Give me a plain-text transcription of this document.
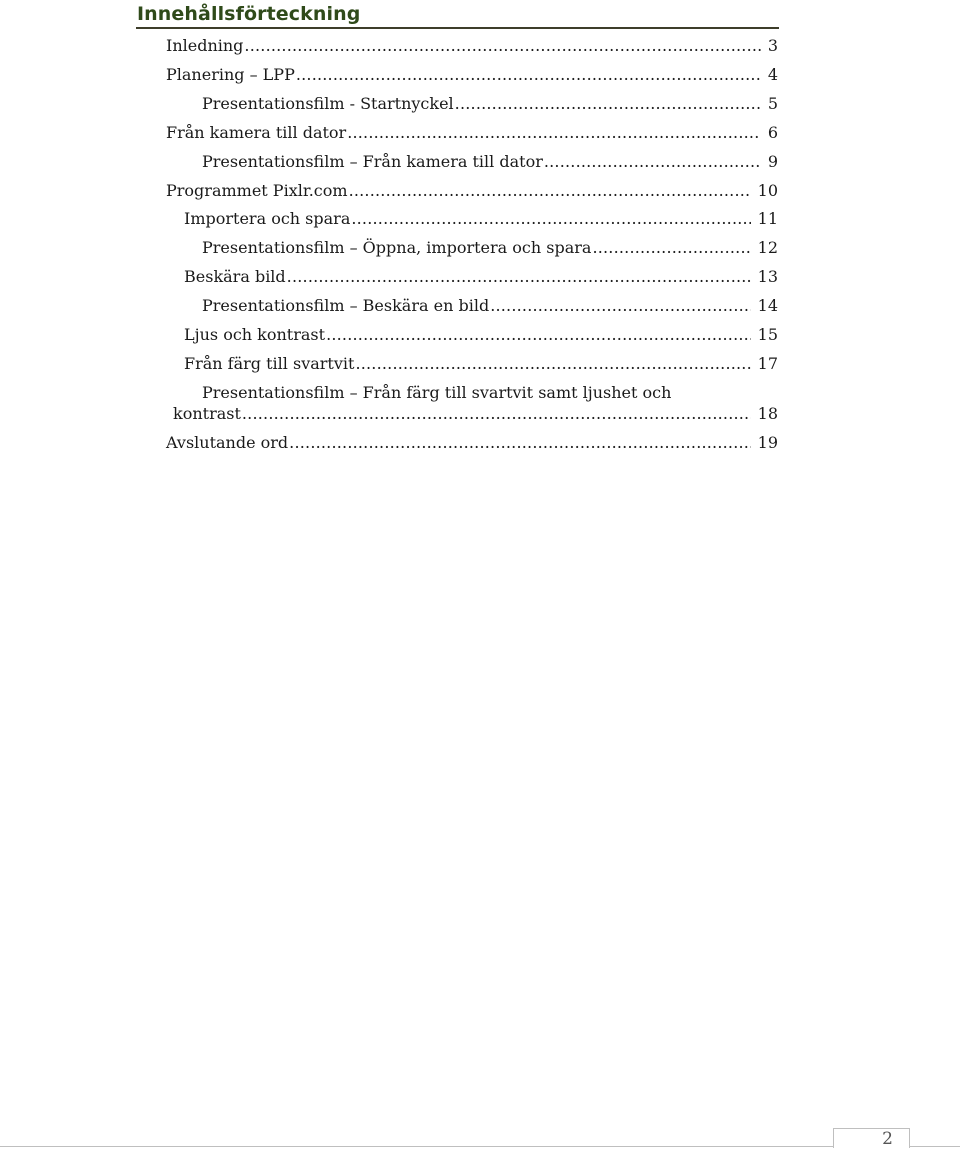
Innehållsförteckning
Inledning .....	3
Planering – LPP .....	4
Presentationsfilm - Startnyckel .....	5
Från kamera till dator .....	6
Presentationsfilm – Från kamera till dator .....	9
Programmet Pixlr.com .....	10
Importera och spara .....	11
Presentationsfilm – Öppna, importera och spara .....	12
Beskära bild .....	13
Presentationsfilm – Beskära en bild .....	14
Ljus och kontrast .....	15
Från färg till svartvit .....	17
Presentationsfilm – Från färg till svartvit samt ljushet och
kontrast .....	18
Avslutande ord .....	19
2
